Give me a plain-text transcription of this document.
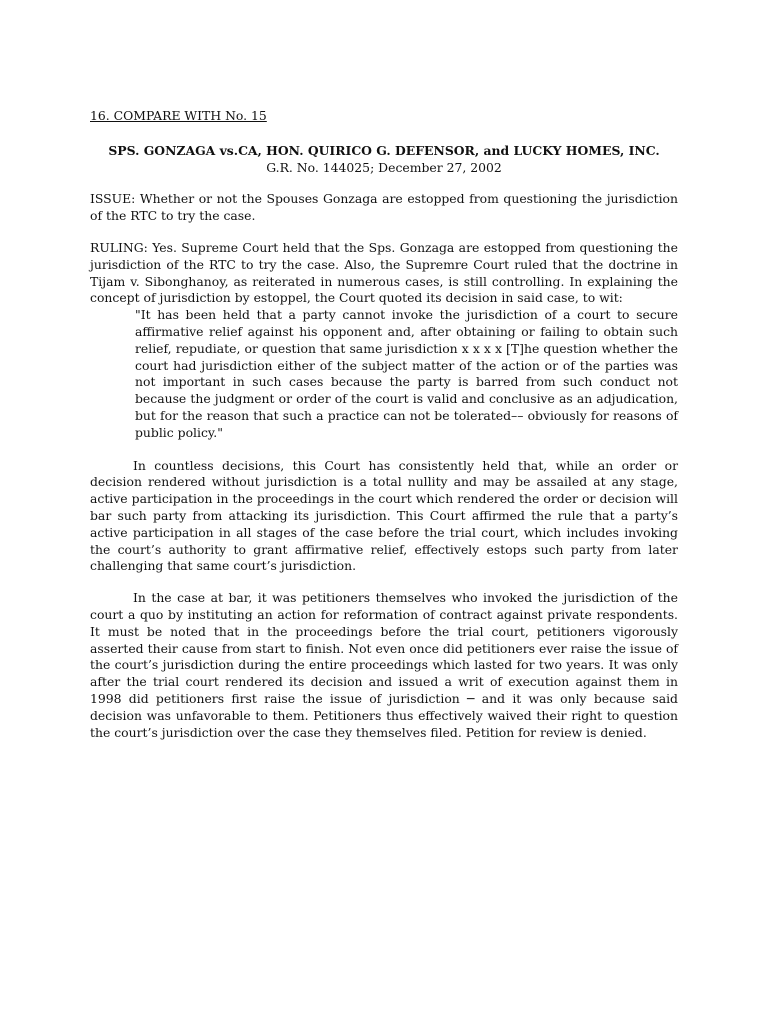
16. COMPARE WITH No. 15

SPS. GONZAGA vs.CA, HON. QUIRICO G. DEFENSOR, and LUCKY HOMES, INC.

G.R. No. 144025; December 27, 2002

ISSUE: Whether or not the Spouses Gonzaga are estopped from questioning the jurisdiction of the RTC to try the case.

RULING: Yes. Supreme Court held that the Sps. Gonzaga are estopped from questioning the jurisdiction of the RTC to try the case. Also, the Supremre Court ruled that the doctrine in Tijam v. Sibonghanoy, as reiterated in numerous cases, is still controlling. In explaining the concept of jurisdiction by estoppel, the Court quoted its decision in said case, to wit:

"It has been held that a party cannot invoke the jurisdiction of a court to secure affirmative relief against his opponent and, after obtaining or failing to obtain such relief, repudiate, or question that same jurisdiction x x x x [T]he question whether the court had jurisdiction either of the subject matter of the action or of the parties was not important in such cases because the party is barred from such conduct not because the judgment or order of the court is valid and conclusive as an adjudication, but for the reason that such a practice can not be tolerated–– obviously for reasons of public policy."

In countless decisions, this Court has consistently held that, while an order or decision rendered without jurisdiction is a total nullity and may be assailed at any stage, active participation in the proceedings in the court which rendered the order or decision will bar such party from attacking its jurisdiction. This Court affirmed the rule that a party’s active participation in all stages of the case before the trial court, which includes invoking the court’s authority to grant affirmative relief, effectively estops such party from later challenging that same court’s jurisdiction.

In the case at bar, it was petitioners themselves who invoked the jurisdiction of the court a quo by instituting an action for reformation of contract against private respondents. It must be noted that in the proceedings before the trial court, petitioners vigorously asserted their cause from start to finish. Not even once did petitioners ever raise the issue of the court’s jurisdiction during the entire proceedings which lasted for two years. It was only after the trial court rendered its decision and issued a writ of execution against them in 1998 did petitioners first raise the issue of jurisdiction ─ and it was only because said decision was unfavorable to them. Petitioners thus effectively waived their right to question the court’s jurisdiction over the case they themselves filed. Petition for review is denied.
